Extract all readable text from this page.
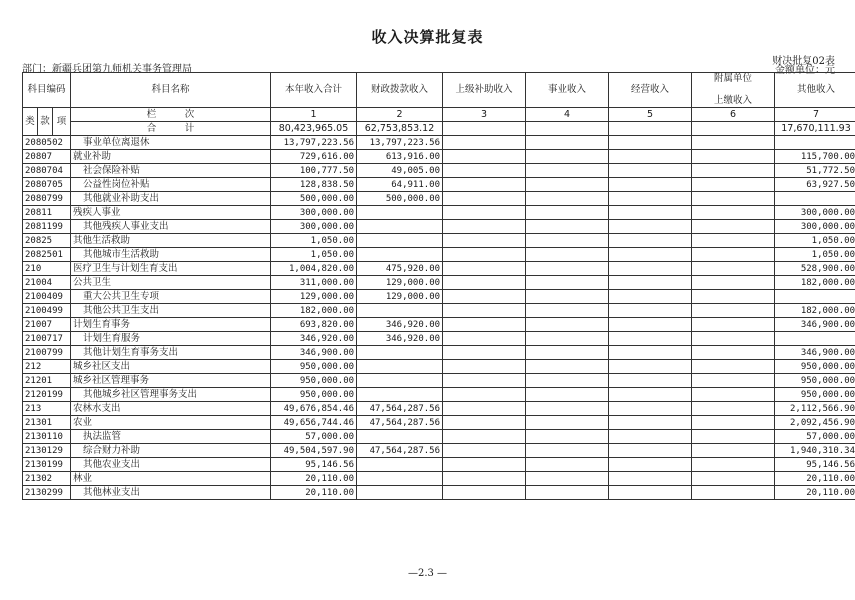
收入决算批复表
财决批复02表
部门：新疆兵团第九师机关事务管理局	金额单位：元
科目编码			科目名称	本年收入合计	财政拨款收入	上级补助收入	事业收入	经营收入	附属单位
上缴收入	其他收入
类	款	项	栏　　　次	1	2	3	4	5	6	7
			合　　　计	80,423,965.05	62,753,853.12					17,670,111.93
2080502			事业单位离退休	13,797,223.56	13,797,223.56					
20807			就业补助	729,616.00	613,916.00					115,700.00
2080704			社会保险补贴	100,777.50	49,005.00					51,772.50
2080705			公益性岗位补贴	128,838.50	64,911.00					63,927.50
2080799			其他就业补助支出	500,000.00	500,000.00					
20811			残疾人事业	300,000.00						300,000.00
2081199			其他残疾人事业支出	300,000.00						300,000.00
20825			其他生活救助	1,050.00						1,050.00
2082501			其他城市生活救助	1,050.00						1,050.00
210			医疗卫生与计划生育支出	1,004,820.00	475,920.00					528,900.00
21004			公共卫生	311,000.00	129,000.00					182,000.00
2100409			重大公共卫生专项	129,000.00	129,000.00					
2100499			其他公共卫生支出	182,000.00						182,000.00
21007			计划生育事务	693,820.00	346,920.00					346,900.00
2100717			计划生育服务	346,920.00	346,920.00					
2100799			其他计划生育事务支出	346,900.00						346,900.00
212			城乡社区支出	950,000.00						950,000.00
21201			城乡社区管理事务	950,000.00						950,000.00
2120199			其他城乡社区管理事务支出	950,000.00						950,000.00
213			农林水支出	49,676,854.46	47,564,287.56					2,112,566.90
21301			农业	49,656,744.46	47,564,287.56					2,092,456.90
2130110			执法监管	57,000.00						57,000.00
2130129			综合财力补助	49,504,597.90	47,564,287.56					1,940,310.34
2130199			其他农业支出	95,146.56						95,146.56
21302			林业	20,110.00						20,110.00
2130299			其他林业支出	20,110.00						20,110.00
—2.3 —
